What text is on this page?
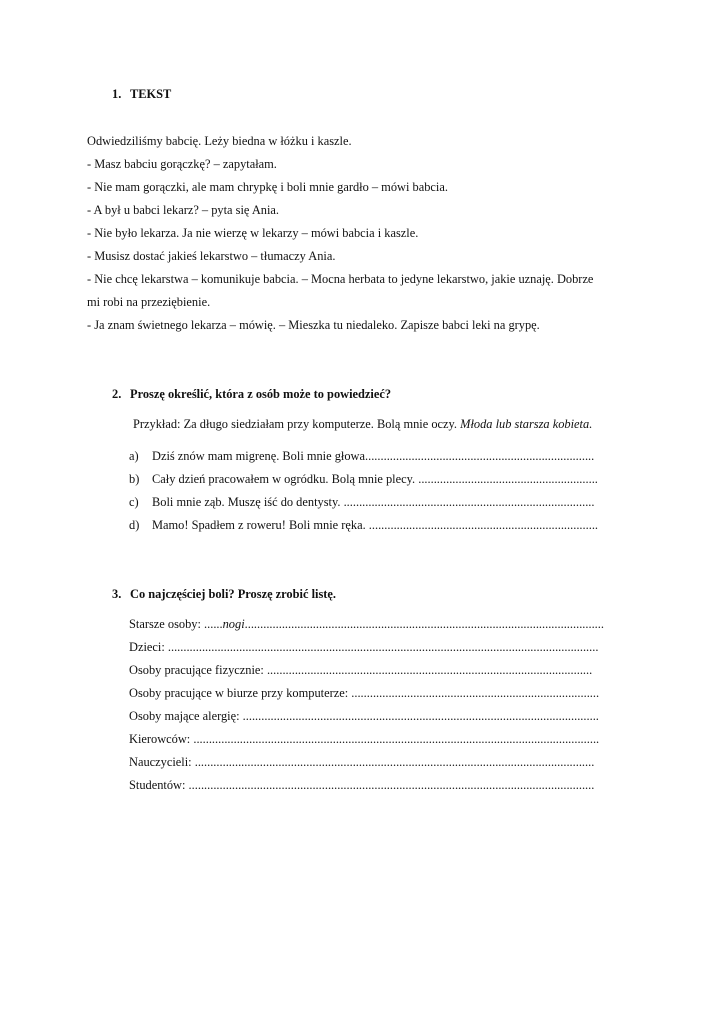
1. TEKST
Odwiedziliśmy babcię. Leży biedna w łóżku i kaszle.
- Masz babciu gorączkę? – zapytałam.
- Nie mam gorączki, ale mam chrypkę i boli mnie gardło – mówi babcia.
- A był u babci lekarz? – pyta się Ania.
- Nie było lekarza. Ja nie wierzę w lekarzy – mówi babcia i kaszle.
- Musisz dostać jakieś lekarstwo – tłumaczy Ania.
- Nie chcę lekarstwa – komunikuje babcia. – Mocna herbata to jedyne lekarstwo, jakie uznaję. Dobrze
mi robi na przeziębienie.
- Ja znam świetnego lekarza – mówię. – Mieszka tu niedaleko. Zapisze babci leki na grypę.
2. Proszę określić, która z osób może to powiedzieć?
Przykład: Za długo siedziałam przy komputerze. Bolą mnie oczy. Młoda lub starsza kobieta.
a) Dziś znów mam migrenę. Boli mnie głowa..........................................................................
b) Cały dzień pracowałem w ogródku. Bolą mnie plecy. ..........................................................
c) Boli mnie ząb. Muszę iść do dentysty. .................................................................................
d) Mamo! Spadłem z roweru! Boli mnie ręka. ..........................................................................
3. Co najczęściej boli? Proszę zrobić listę.
Starsze osoby: ......nogi....................................................................................................................
Dzieci: ...........................................................................................................................................
Osoby pracujące fizycznie: .........................................................................................................
Osoby pracujące w biurze przy komputerze: ................................................................................
Osoby mające alergię: ...................................................................................................................
Kierowców: ...................................................................................................................................
Nauczycieli: .................................................................................................................................
Studentów: ...................................................................................................................................
